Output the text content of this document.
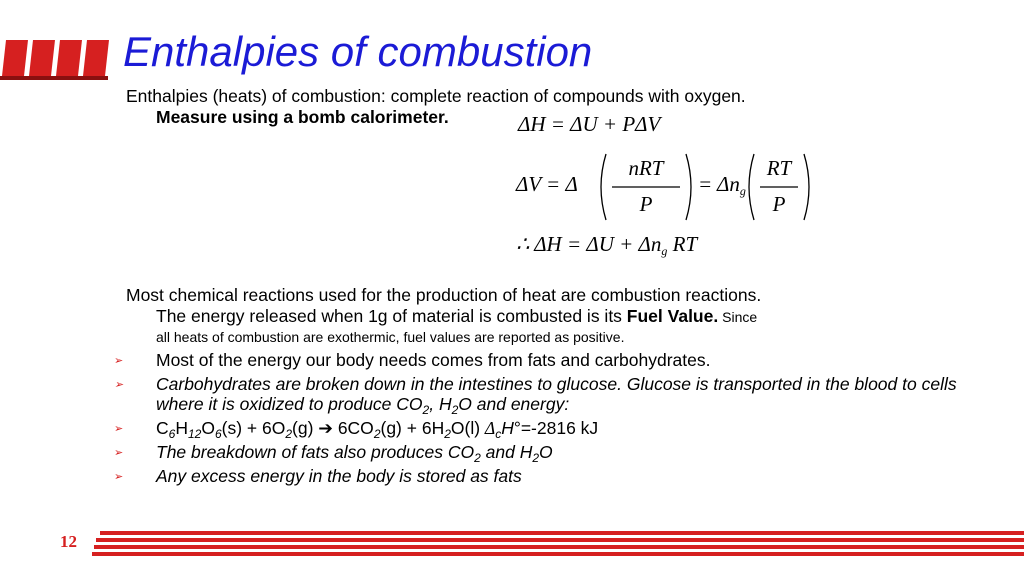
Enthalpies of combustion
Enthalpies (heats) of combustion: complete reaction of compounds with oxygen.
Measure using a bomb calorimeter.	ΔH = ΔU + PΔV
ΔV = Δ
nRT
P
= $\Delta n_g$
RT
P
∴ $\Delta H = \Delta U + \Delta n_g$ RT
Most chemical reactions used for the production of heat are combustion reactions.
The energy released when 1g of material is combusted is its Fuel Value. Since
all heats of combustion are exothermic, fuel values are reported as positive.
➢ Most of the energy our body needs comes from fats and carbohydrates.
➢ Carbohydrates are broken down in the intestines to glucose. Glucose is transported in the blood to cells where it is oxidized to produce $CO_2$, $H_2O$ and energy:
➢ $C_6H_{12}O_6(s) + 6O_2(g)$ ➔ $6CO_2(g) + 6H_2O(l)$ $\Delta_cH^\circ=-2816$ kJ
➢ The breakdown of fats also produces $CO_2$ and $H_2O$
➢ Any excess energy in the body is stored as fats
12
